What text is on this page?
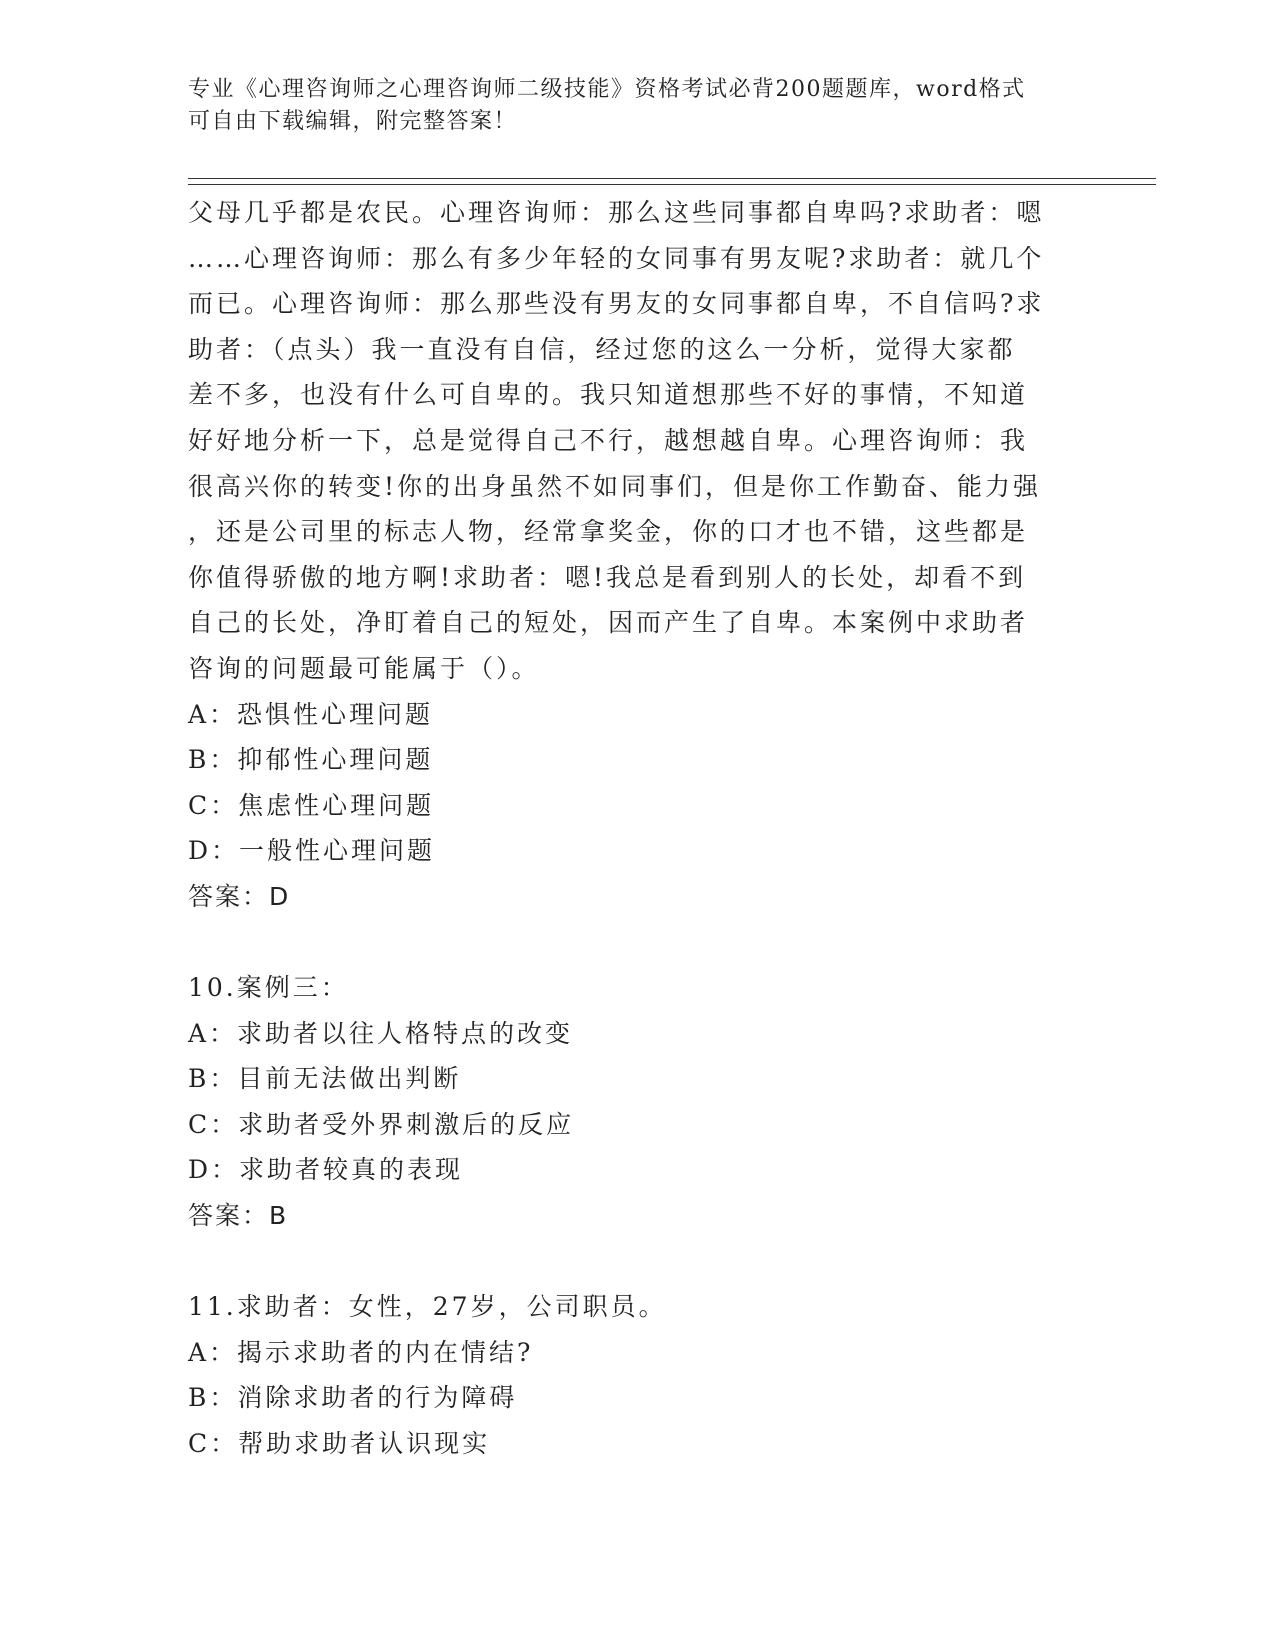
专业《心理咨询师之心理咨询师二级技能》资格考试必背200题题库，word格式
可自由下载编辑，附完整答案！
父母几乎都是农民。心理咨询师：那么这些同事都自卑吗?求助者：嗯
……心理咨询师：那么有多少年轻的女同事有男友呢?求助者：就几个
而已。心理咨询师：那么那些没有男友的女同事都自卑，不自信吗?求
助者：（点头）我一直没有自信，经过您的这么一分析，觉得大家都
差不多，也没有什么可自卑的。我只知道想那些不好的事情，不知道
好好地分析一下，总是觉得自己不行，越想越自卑。心理咨询师：我
很高兴你的转变!你的出身虽然不如同事们，但是你工作勤奋、能力强
，还是公司里的标志人物，经常拿奖金，你的口才也不错，这些都是
你值得骄傲的地方啊!求助者：嗯!我总是看到别人的长处，却看不到
自己的长处，净盯着自己的短处，因而产生了自卑。本案例中求助者
咨询的问题最可能属于（）。
A：恐惧性心理问题
B：抑郁性心理问题
C：焦虑性心理问题
D：一般性心理问题
答案：D
10.案例三：
A：求助者以往人格特点的改变
B：目前无法做出判断
C：求助者受外界刺激后的反应
D：求助者较真的表现
答案：B
11.求助者：女性，27岁，公司职员。
A：揭示求助者的内在情结?
B：消除求助者的行为障碍
C：帮助求助者认识现实
